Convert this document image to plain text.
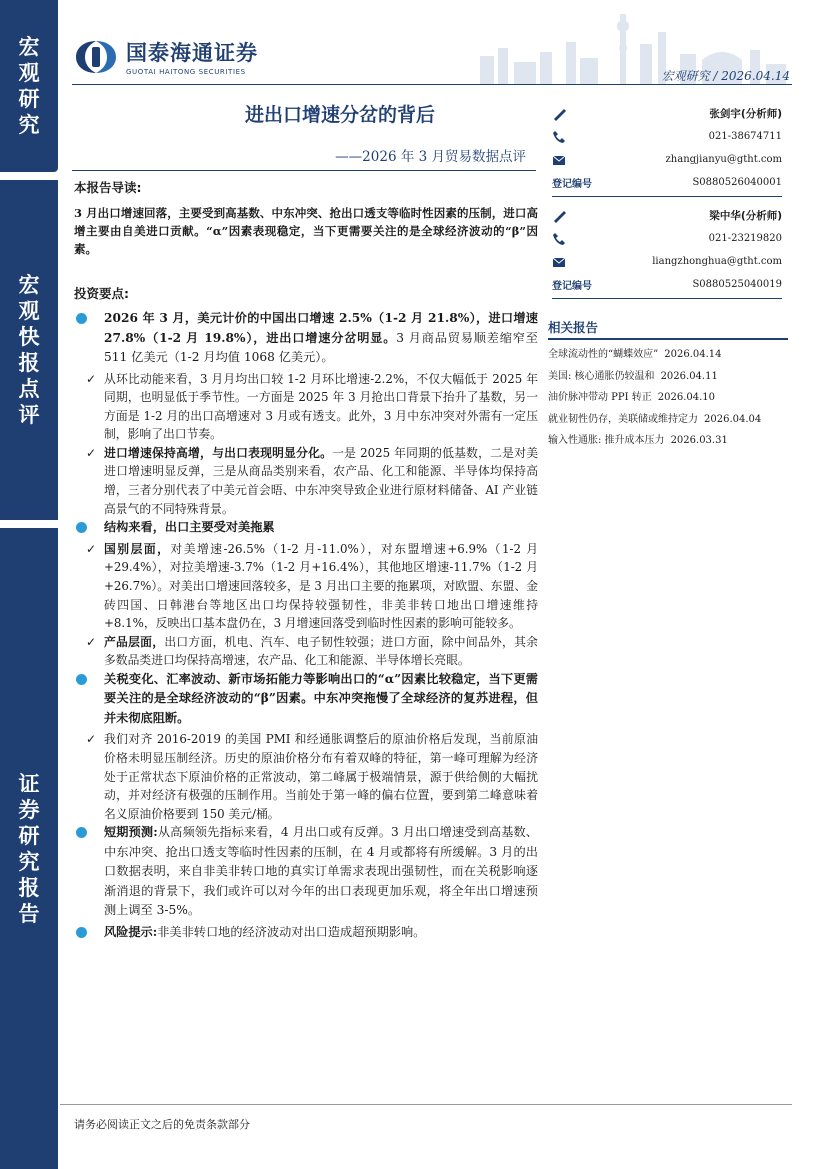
宏
观
研
究
宏
观
快
报
点
评
证
券
研
究
报
告
国泰海通证券
GUOTAI HAITONG SECURITIES	宏观研究 / 2026.04.14
进出口增速分岔的背后
——2026 年 3 月贸易数据点评
本报告导读:
3 月出口增速回落，主要受到高基数、中东冲突、抢出口透支等临时性因素的压制，进口高增主要由自美进口贡献。“α”因素表现稳定，当下更需要关注的是全球经济波动的“β”因素。
投资要点:
2026 年 3 月，美元计价的中国出口增速 2.5%（1-2 月 21.8%），进口增速 27.8%（1-2 月 19.8%），进出口增速分岔明显。3 月商品贸易顺差缩窄至 511 亿美元（1-2 月均值 1068 亿美元）。
✓ 从环比动能来看，3 月月均出口较 1-2 月环比增速-2.2%，不仅大幅低于 2025 年同期，也明显低于季节性。一方面是 2025 年 3 月抢出口背景下抬升了基数，另一方面是 1-2 月的出口高增速对 3 月或有透支。此外，3 月中东冲突对外需有一定压制，影响了出口节奏。
✓ 进口增速保持高增，与出口表现明显分化。一是 2025 年同期的低基数，二是对美进口增速明显反弹，三是从商品类别来看，农产品、化工和能源、半导体均保持高增，三者分别代表了中美元首会晤、中东冲突导致企业进行原材料储备、AI 产业链高景气的不同特殊背景。
结构来看，出口主要受对美拖累
✓ 国别层面，对美增速-26.5%（1-2 月-11.0%），对东盟增速+6.9%（1-2 月+29.4%），对拉美增速-3.7%（1-2 月+16.4%），其他地区增速-11.7%（1-2 月+26.7%）。对美出口增速回落较多，是 3 月出口主要的拖累项，对欧盟、东盟、金砖四国、日韩港台等地区出口均保持较强韧性，非美非转口地出口增速维持+8.1%，反映出口基本盘仍在，3 月增速回落受到临时性因素的影响可能较多。
✓ 产品层面，出口方面，机电、汽车、电子韧性较强；进口方面，除中间品外，其余多数品类进口均保持高增速，农产品、化工和能源、半导体增长亮眼。
关税变化、汇率波动、新市场拓能力等影响出口的“α”因素比较稳定，当下更需要关注的是全球经济波动的“β”因素。中东冲突拖慢了全球经济的复苏进程，但并未彻底阻断。
✓ 我们对齐 2016-2019 的美国 PMI 和经通胀调整后的原油价格后发现，当前原油价格未明显压制经济。历史的原油价格分布有着双峰的特征，第一峰可理解为经济处于正常状态下原油价格的正常波动，第二峰属于极端情景，源于供给侧的大幅扰动，并对经济有极强的压制作用。当前处于第一峰的偏右位置，要到第二峰意味着名义原油价格要到 150 美元/桶。
短期预测:从高频领先指标来看，4 月出口或有反弹。3 月出口增速受到高基数、中东冲突、抢出口透支等临时性因素的压制，在 4 月或都将有所缓解。3 月的出口数据表明，来自非美非转口地的真实订单需求表现出强韧性，而在关税影响逐渐消退的背景下，我们或许可以对今年的出口表现更加乐观，将全年出口增速预测上调至 3-5%。
风险提示:非美非转口地的经济波动对出口造成超预期影响。
张剑宇(分析师)
021-38674711
zhangjianyu@gtht.com
登记编号	S0880526040001
梁中华(分析师)
021-23219820
liangzhonghua@gtht.com
登记编号	S0880525040019
相关报告
全球流动性的“蝴蝶效应” 2026.04.14
美国: 核心通胀仍较温和 2026.04.11
油价脉冲带动 PPI 转正 2026.04.10
就业韧性仍存，美联储或维持定力 2026.04.04
输入性通胀: 推升成本压力 2026.03.31
请务必阅读正文之后的免责条款部分
